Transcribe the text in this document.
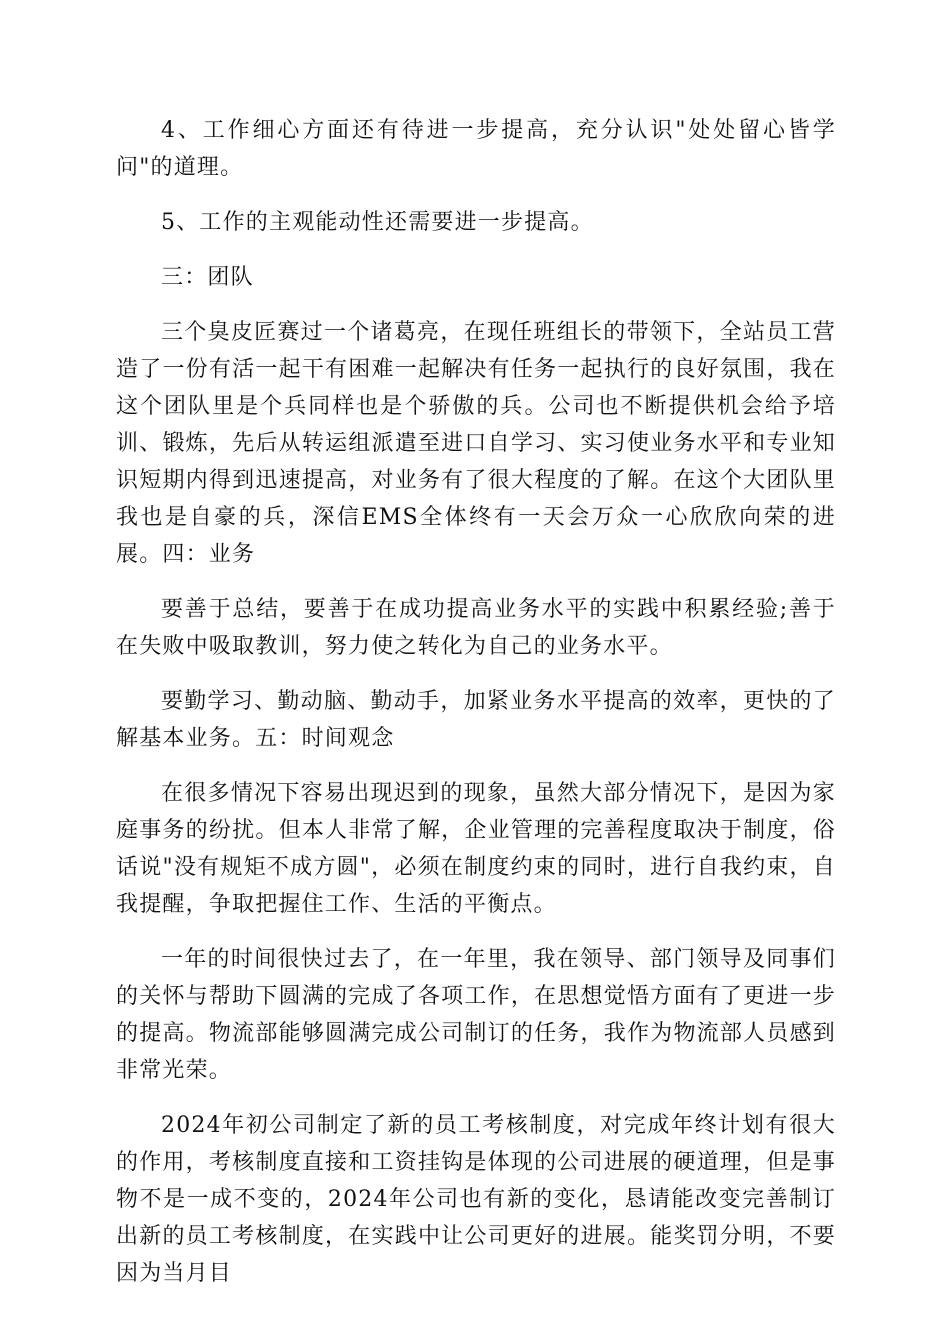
4、工作细心方面还有待进一步提高，充分认识"处处留心皆学问"的道理。

5、工作的主观能动性还需要进一步提高。

三：团队

三个臭皮匠赛过一个诸葛亮，在现任班组长的带领下，全站员工营造了一份有活一起干有困难一起解决有任务一起执行的良好氛围，我在这个团队里是个兵同样也是个骄傲的兵。公司也不断提供机会给予培训、锻炼，先后从转运组派遣至进口自学习、实习使业务水平和专业知识短期内得到迅速提高，对业务有了很大程度的了解。在这个大团队里我也是自豪的兵，深信EMS全体终有一天会万众一心欣欣向荣的进展。四：业务

要善于总结，要善于在成功提高业务水平的实践中积累经验;善于在失败中吸取教训，努力使之转化为自己的业务水平。

要勤学习、勤动脑、勤动手，加紧业务水平提高的效率，更快的了解基本业务。五：时间观念

在很多情况下容易出现迟到的现象，虽然大部分情况下，是因为家庭事务的纷扰。但本人非常了解，企业管理的完善程度取决于制度，俗话说"没有规矩不成方圆"，必须在制度约束的同时，进行自我约束，自我提醒，争取把握住工作、生活的平衡点。

一年的时间很快过去了，在一年里，我在领导、部门领导及同事们的关怀与帮助下圆满的完成了各项工作，在思想觉悟方面有了更进一步的提高。物流部能够圆满完成公司制订的任务，我作为物流部人员感到非常光荣。

2024年初公司制定了新的员工考核制度，对完成年终计划有很大的作用，考核制度直接和工资挂钩是体现的公司进展的硬道理，但是事物不是一成不变的，2024年公司也有新的变化，恳请能改变完善制订出新的员工考核制度，在实践中让公司更好的进展。能奖罚分明，不要因为当月目
